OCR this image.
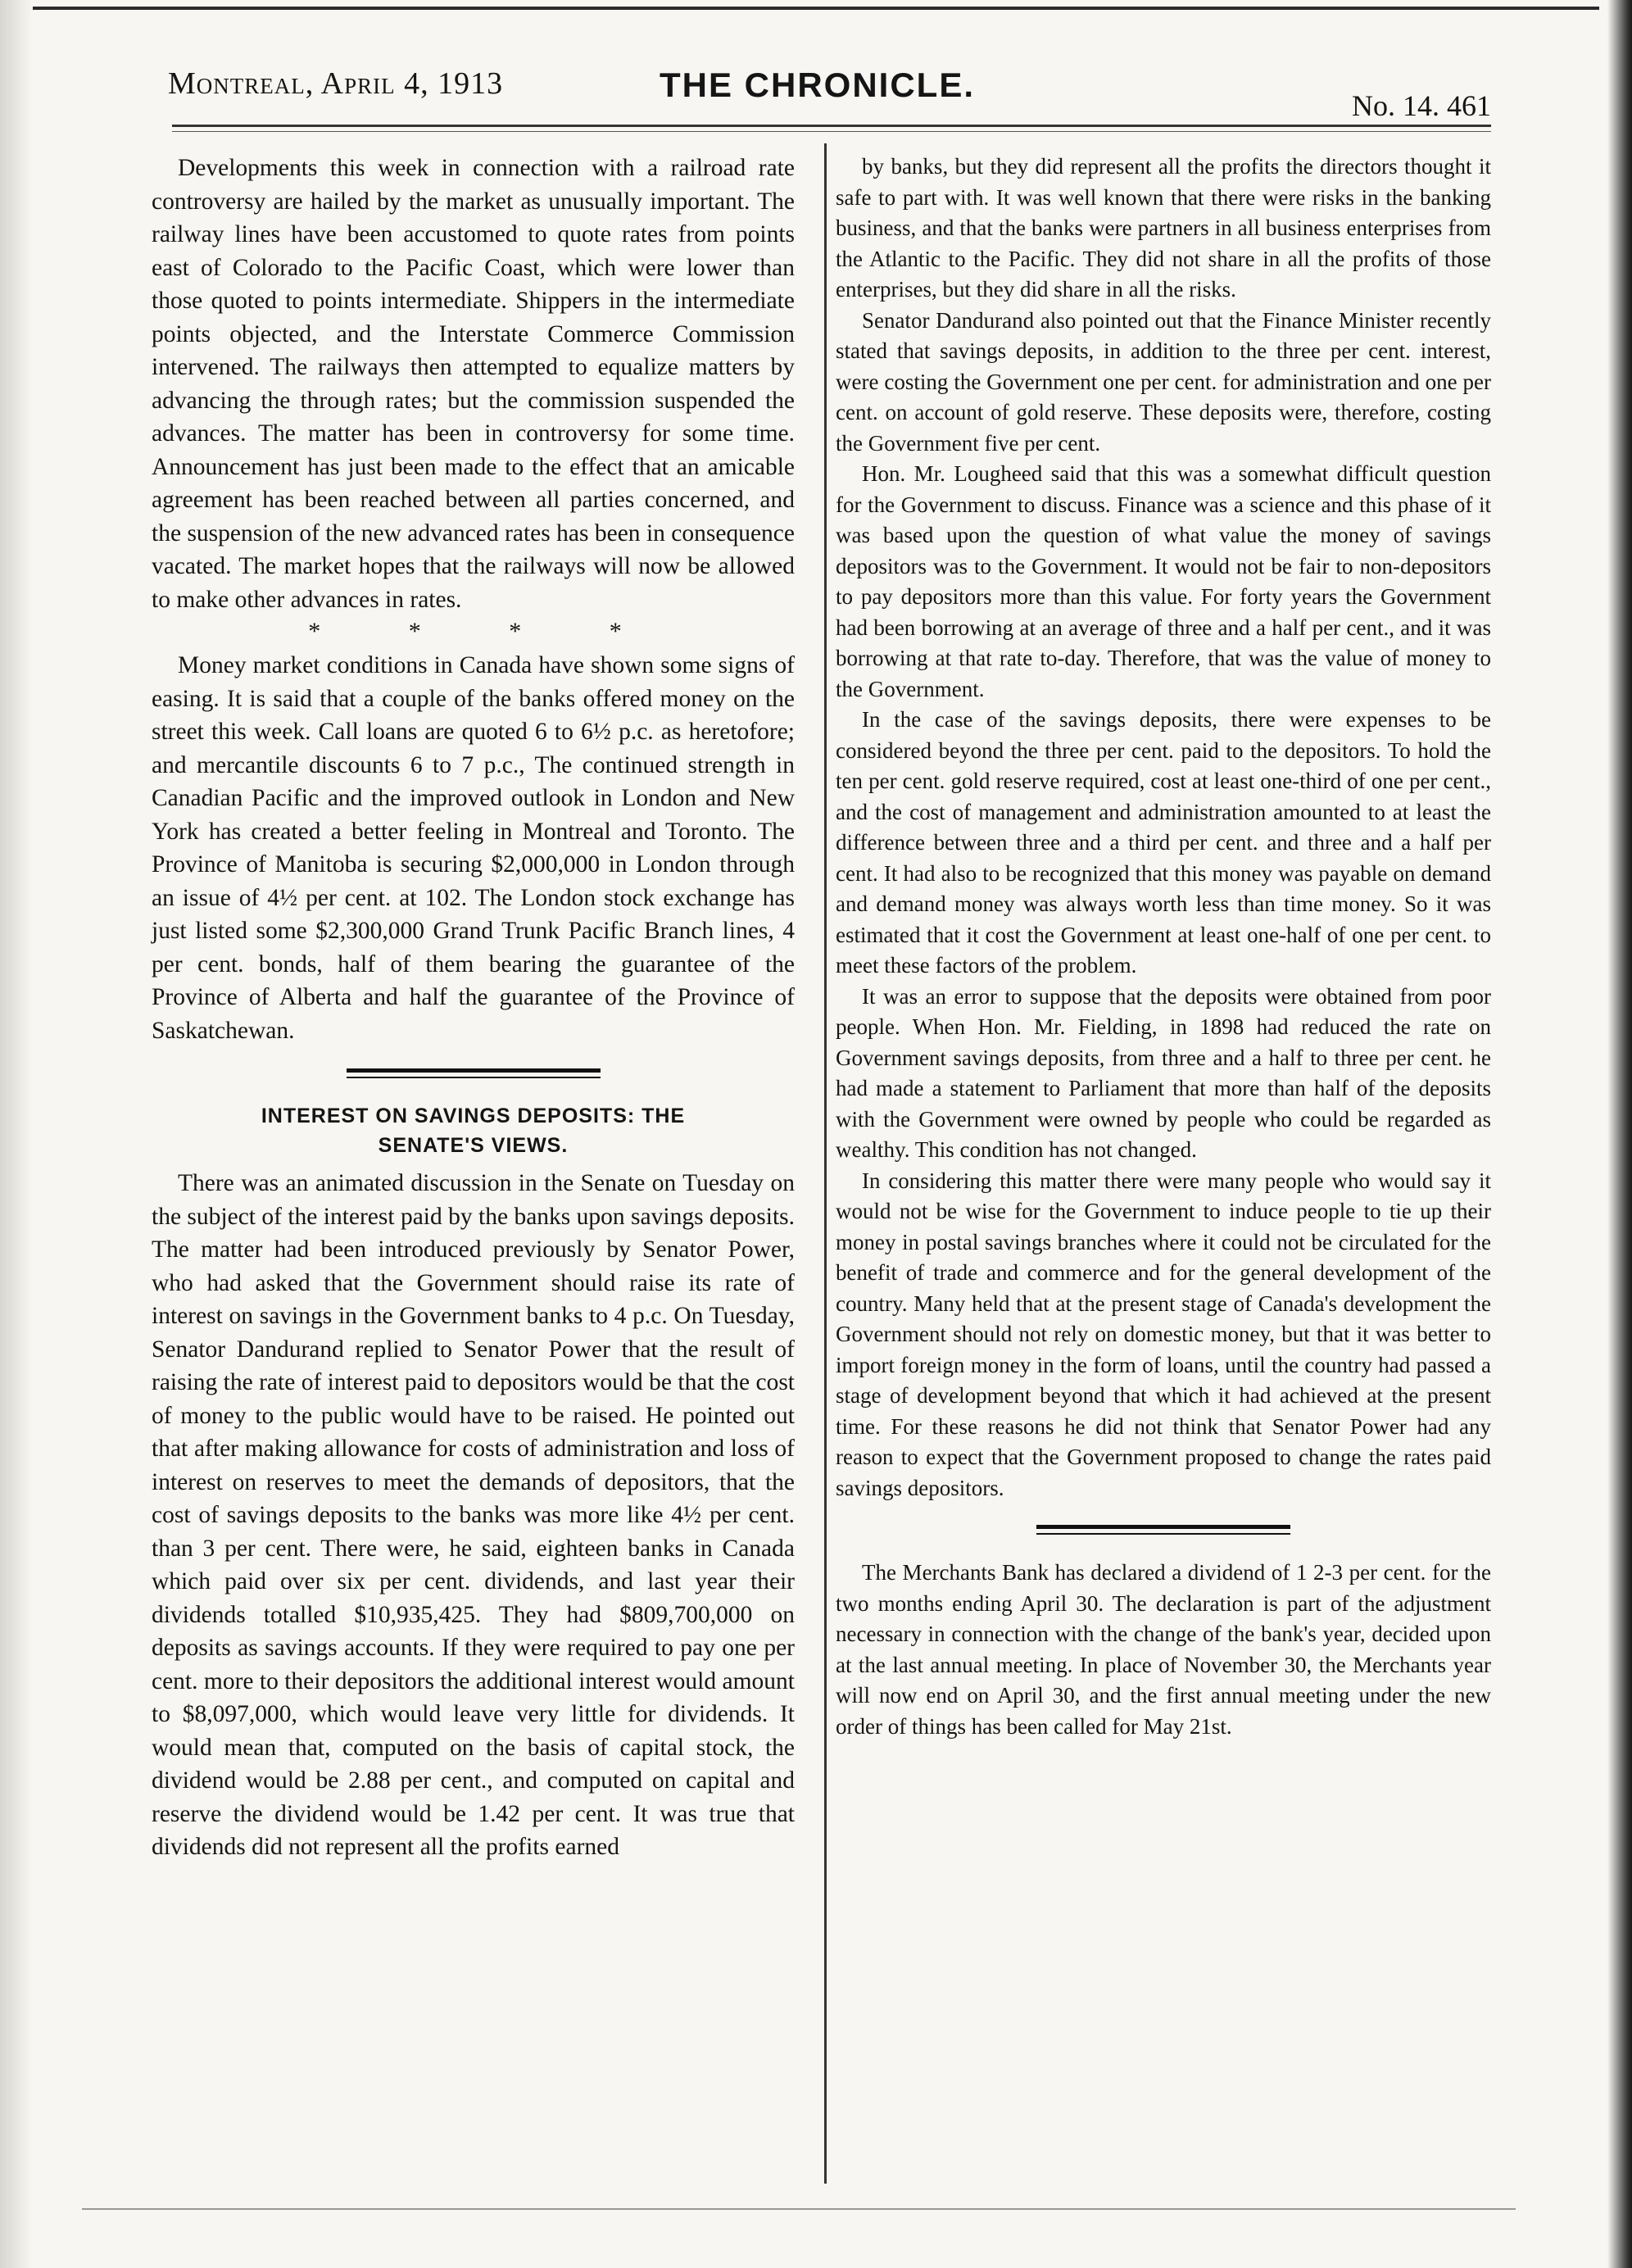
Montreal, April 4, 1913	THE CHRONICLE.
No. 14. 461

Developments this week in connection with a railroad rate controversy are hailed by the market as unusually important. The railway lines have been accustomed to quote rates from points east of Colorado to the Pacific Coast, which were lower than those quoted to points intermediate. Shippers in the intermediate points objected, and the Interstate Commerce Commission intervened. The railways then attempted to equalize matters by advancing the through rates; but the commission suspended the advances. The matter has been in controversy for some time. Announcement has just been made to the effect that an amicable agreement has been reached between all parties concerned, and the suspension of the new advanced rates has been in consequence vacated. The market hopes that the railways will now be allowed to make other advances in rates.

* * * *

Money market conditions in Canada have shown some signs of easing. It is said that a couple of the banks offered money on the street this week. Call loans are quoted 6 to 6½ p.c. as heretofore; and mercantile discounts 6 to 7 p.c., The continued strength in Canadian Pacific and the improved outlook in London and New York has created a better feeling in Montreal and Toronto. The Province of Manitoba is securing $2,000,000 in London through an issue of 4½ per cent. at 102. The London stock exchange has just listed some $2,300,000 Grand Trunk Pacific Branch lines, 4 per cent. bonds, half of them bearing the guarantee of the Province of Alberta and half the guarantee of the Province of Saskatchewan.

INTEREST ON SAVINGS DEPOSITS: THE
SENATE'S VIEWS.

There was an animated discussion in the Senate on Tuesday on the subject of the interest paid by the banks upon savings deposits. The matter had been introduced previously by Senator Power, who had asked that the Government should raise its rate of interest on savings in the Government banks to 4 p.c. On Tuesday, Senator Dandurand replied to Senator Power that the result of raising the rate of interest paid to depositors would be that the cost of money to the public would have to be raised. He pointed out that after making allowance for costs of administration and loss of interest on reserves to meet the demands of depositors, that the cost of savings deposits to the banks was more like 4½ per cent. than 3 per cent. There were, he said, eighteen banks in Canada which paid over six per cent. dividends, and last year their dividends totalled $10,935,425. They had $809,700,000 on deposits as savings accounts. If they were required to pay one per cent. more to their depositors the additional interest would amount to $8,097,000, which would leave very little for dividends. It would mean that, computed on the basis of capital stock, the dividend would be 2.88 per cent., and computed on capital and reserve the dividend would be 1.42 per cent. It was true that dividends did not represent all the profits earned

by banks, but they did represent all the profits the directors thought it safe to part with. It was well known that there were risks in the banking business, and that the banks were partners in all business enterprises from the Atlantic to the Pacific. They did not share in all the profits of those enterprises, but they did share in all the risks.

Senator Dandurand also pointed out that the Finance Minister recently stated that savings deposits, in addition to the three per cent. interest, were costing the Government one per cent. for administration and one per cent. on account of gold reserve. These deposits were, therefore, costing the Government five per cent.

Hon. Mr. Lougheed said that this was a somewhat difficult question for the Government to discuss. Finance was a science and this phase of it was based upon the question of what value the money of savings depositors was to the Government. It would not be fair to non-depositors to pay depositors more than this value. For forty years the Government had been borrowing at an average of three and a half per cent., and it was borrowing at that rate to-day. Therefore, that was the value of money to the Government.

In the case of the savings deposits, there were expenses to be considered beyond the three per cent. paid to the depositors. To hold the ten per cent. gold reserve required, cost at least one-third of one per cent., and the cost of management and administration amounted to at least the difference between three and a third per cent. and three and a half per cent. It had also to be recognized that this money was payable on demand and demand money was always worth less than time money. So it was estimated that it cost the Government at least one-half of one per cent. to meet these factors of the problem.

It was an error to suppose that the deposits were obtained from poor people. When Hon. Mr. Fielding, in 1898 had reduced the rate on Government savings deposits, from three and a half to three per cent. he had made a statement to Parliament that more than half of the deposits with the Government were owned by people who could be regarded as wealthy. This condition has not changed.

In considering this matter there were many people who would say it would not be wise for the Government to induce people to tie up their money in postal savings branches where it could not be circulated for the benefit of trade and commerce and for the general development of the country. Many held that at the present stage of Canada's development the Government should not rely on domestic money, but that it was better to import foreign money in the form of loans, until the country had passed a stage of development beyond that which it had achieved at the present time. For these reasons he did not think that Senator Power had any reason to expect that the Government proposed to change the rates paid savings depositors.

The Merchants Bank has declared a dividend of 1 2-3 per cent. for the two months ending April 30. The declaration is part of the adjustment necessary in connection with the change of the bank's year, decided upon at the last annual meeting. In place of November 30, the Merchants year will now end on April 30, and the first annual meeting under the new order of things has been called for May 21st.
